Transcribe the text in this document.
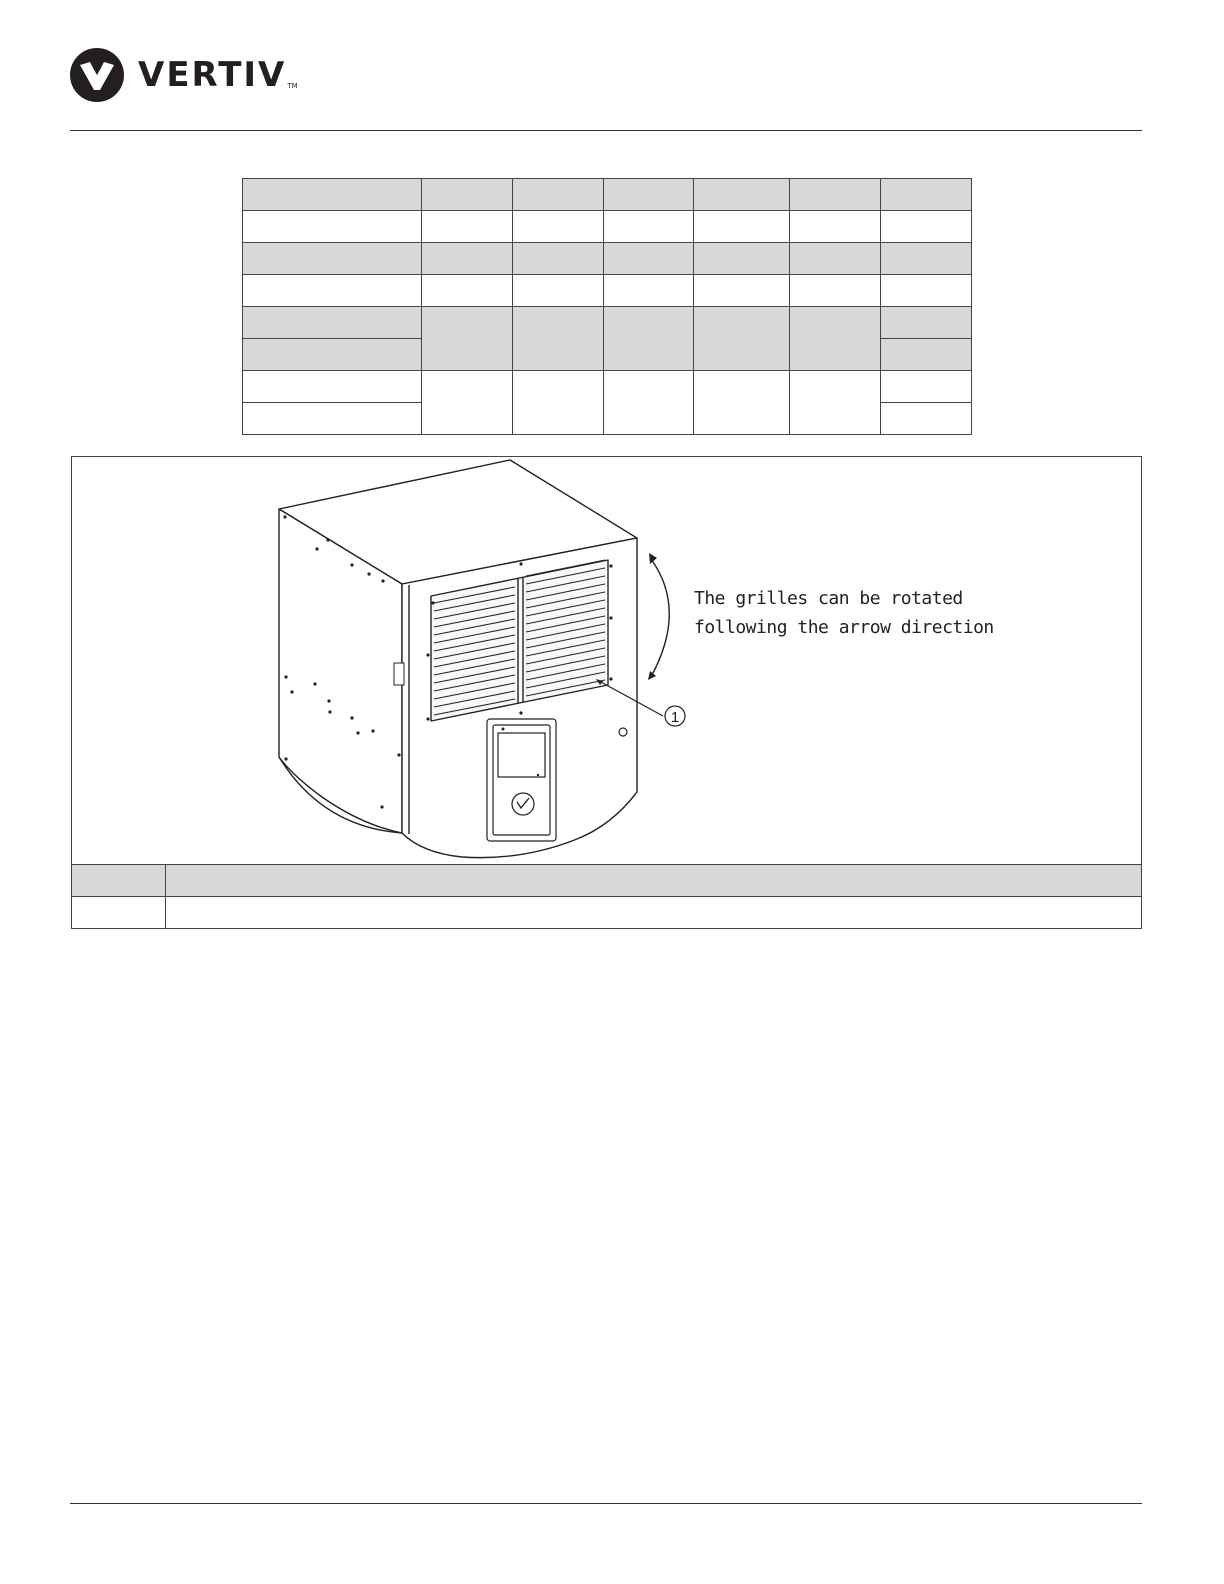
VERTIV TM

1
The grilles can be rotated
following the arrow direction
